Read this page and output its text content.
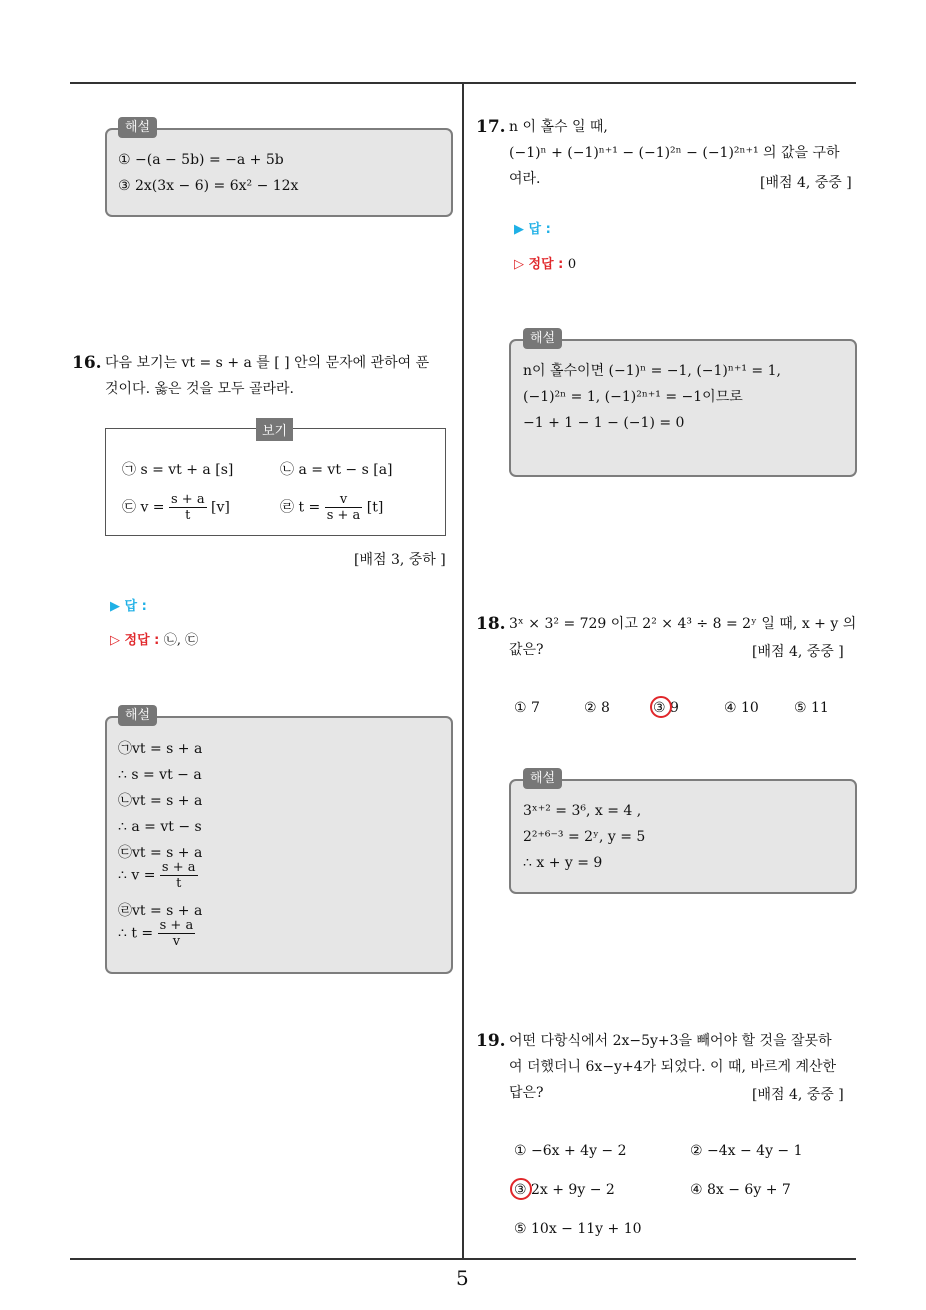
해설
① −(a − 5b) = −a + 5b
③ 2x(3x − 6) = 6x² − 12x
16. 다음 보기는 vt = s + a 를 [ ] 안의 문자에 관하여 푼
것이다. 옳은 것을 모두 골라라.
보기
㉠ s = vt + a [s]	㉡ a = vt − s [a]
㉢ $v = \frac{s + a}{t} [v]$	㉣ $t = \frac{v}{s + a} [t]$
[배점 3, 중하 ]
▶ 답 :
▷ 정답 : ㉡, ㉢
해설
㉠vt = s + a
∴ s = vt − a
㉡vt = s + a
∴ a = vt − s
㉢vt = s + a
∴ $v = \frac{s + a}{t}$
㉣vt = s + a
∴ $t = \frac{s + a}{v}$
17. n 이 홀수 일 때,
(−1)ⁿ + (−1)ⁿ⁺¹ − (−1)²ⁿ − (−1)²ⁿ⁺¹ 의 값을 구하
여라.	[배점 4, 중중 ]
▶ 답 :
▷ 정답 : 0
해설
n이 홀수이면 (−1)ⁿ = −1, (−1)ⁿ⁺¹ = 1,
(−1)²ⁿ = 1, (−1)²ⁿ⁺¹ = −1이므로
−1 + 1 − 1 − (−1) = 0
18. 3ˣ × 3² = 729 이고 2² × 4³ ÷ 8 = 2ʸ 일 때, x + y 의
값은?	[배점 4, 중중 ]
① 7	② 8	③ 9	④ 10	⑤ 11
해설
3ˣ⁺² = 3⁶, x = 4 ,
2²⁺⁶⁻³ = 2ʸ, y = 5
∴ x + y = 9
19. 어떤 다항식에서 2x−5y+3을 빼어야 할 것을 잘못하
여 더했더니 6x−y+4가 되었다. 이 때, 바르게 계산한
답은?	[배점 4, 중중 ]
① −6x + 4y − 2	② −4x − 4y − 1
③ 2x + 9y − 2	④ 8x − 6y + 7
⑤ 10x − 11y + 10
5
